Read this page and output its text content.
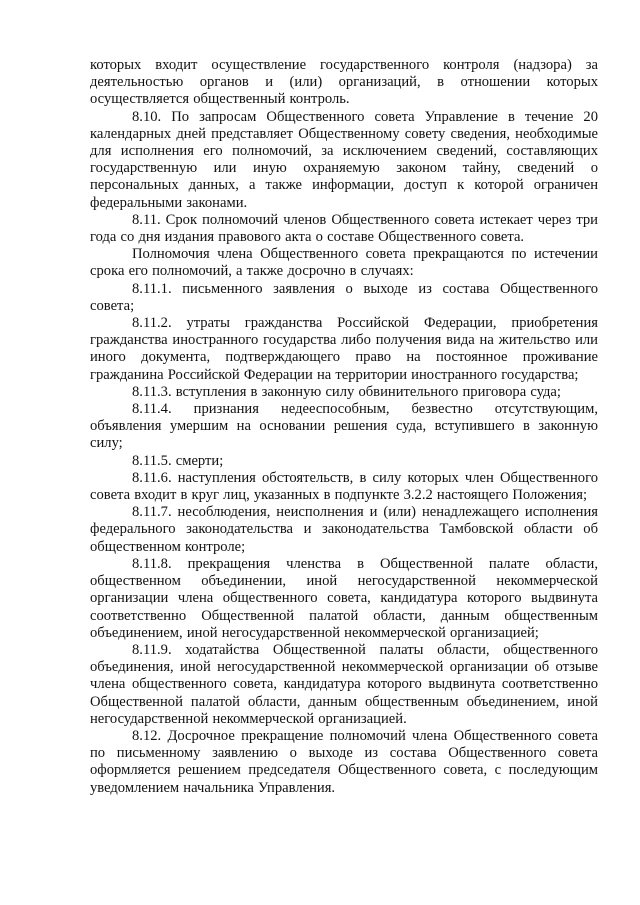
которых входит осуществление государственного контроля (надзора) за деятельностью органов и (или) организаций, в отношении которых осуществляется общественный контроль.

8.10. По запросам Общественного совета Управление в течение 20 календарных дней представляет Общественному совету сведения, необходимые для исполнения его полномочий, за исключением сведений, составляющих государственную или иную охраняемую законом тайну, сведений о персональных данных, а также информации, доступ к которой ограничен федеральными законами.

8.11. Срок полномочий членов Общественного совета истекает через три года со дня издания правового акта о составе Общественного совета.

Полномочия члена Общественного совета прекращаются по истечении срока его полномочий, а также досрочно в случаях:

8.11.1. письменного заявления о выходе из состава Общественного совета;

8.11.2. утраты гражданства Российской Федерации, приобретения гражданства иностранного государства либо получения вида на жительство или иного документа, подтверждающего право на постоянное проживание гражданина Российской Федерации на территории иностранного государства;

8.11.3. вступления в законную силу обвинительного приговора суда;

8.11.4. признания недееспособным, безвестно отсутствующим, объявления умершим на основании решения суда, вступившего в законную силу;

8.11.5. смерти;

8.11.6. наступления обстоятельств, в силу которых член Общественного совета входит в круг лиц, указанных в подпункте 3.2.2 настоящего Положения;

8.11.7. несоблюдения, неисполнения и (или) ненадлежащего исполнения федерального законодательства и законодательства Тамбовской области об общественном контроле;

8.11.8. прекращения членства в Общественной палате области, общественном объединении, иной негосударственной некоммерческой организации члена общественного совета, кандидатура которого выдвинута соответственно Общественной палатой области, данным общественным объединением, иной негосударственной некоммерческой организацией;

8.11.9. ходатайства Общественной палаты области, общественного объединения, иной негосударственной некоммерческой организации об отзыве члена общественного совета, кандидатура которого выдвинута соответственно Общественной палатой области, данным общественным объединением, иной негосударственной некоммерческой организацией.

8.12. Досрочное прекращение полномочий члена Общественного совета по письменному заявлению о выходе из состава Общественного совета оформляется решением председателя Общественного совета, с последующим уведомлением начальника Управления.
